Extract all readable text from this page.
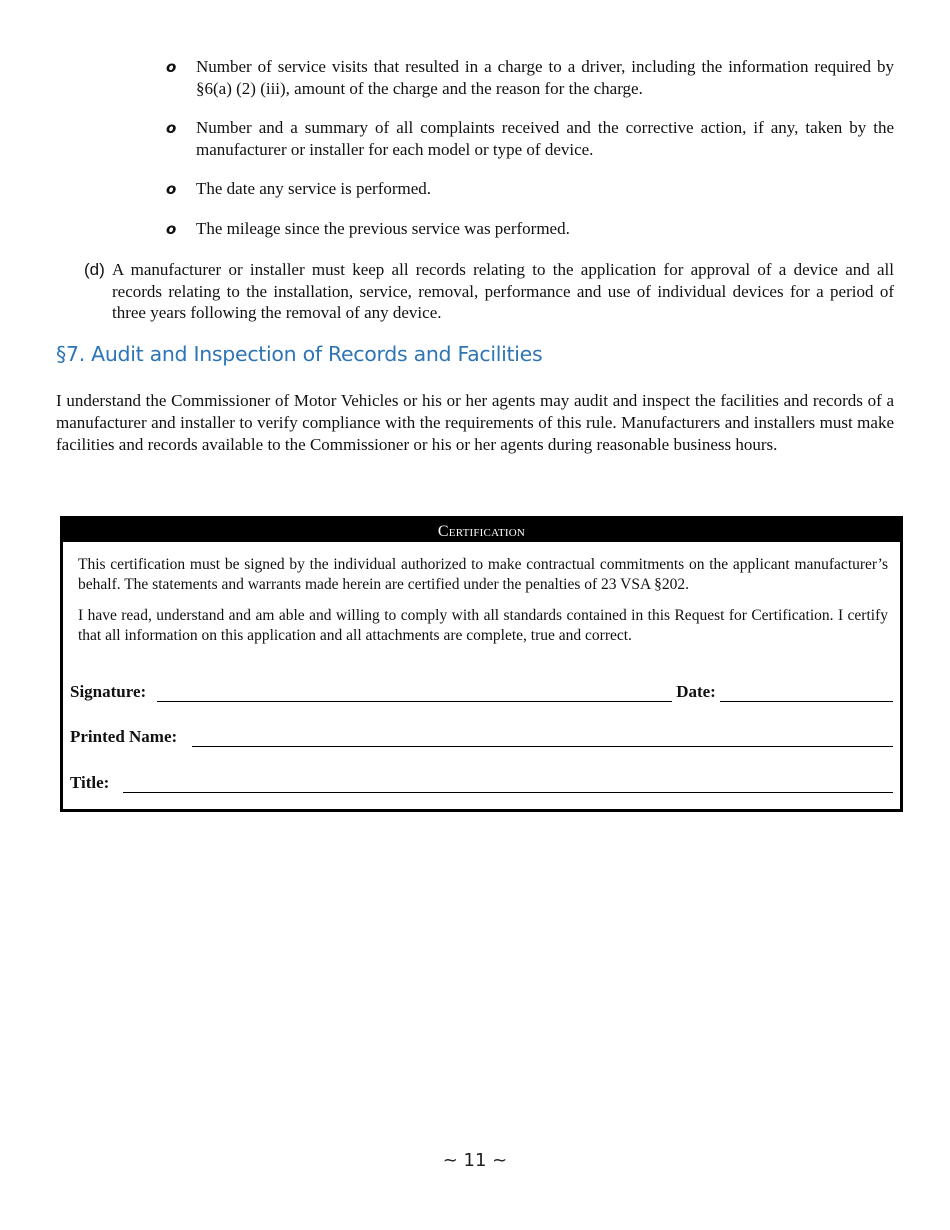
o Number of service visits that resulted in a charge to a driver, including the information required by §6(a) (2) (iii), amount of the charge and the reason for the charge.
o Number and a summary of all complaints received and the corrective action, if any, taken by the manufacturer or installer for each model or type of device.
o The date any service is performed.
o The mileage since the previous service was performed.
(d) A manufacturer or installer must keep all records relating to the application for approval of a device and all records relating to the installation, service, removal, performance and use of individual devices for a period of three years following the removal of any device.
§7. Audit and Inspection of Records and Facilities

I understand the Commissioner of Motor Vehicles or his or her agents may audit and inspect the facilities and records of a manufacturer and installer to verify compliance with the requirements of this rule. Manufacturers and installers must make facilities and records available to the Commissioner or his or her agents during reasonable business hours.

Certification

This certification must be signed by the individual authorized to make contractual commitments on the applicant manufacturer’s behalf. The statements and warrants made herein are certified under the penalties of 23 VSA §202.

I have read, understand and am able and willing to comply with all standards contained in this Request for Certification. I certify that all information on this application and all attachments are complete, true and correct.

Signature:	Date:
Printed Name:
Title:
~ 11 ~
